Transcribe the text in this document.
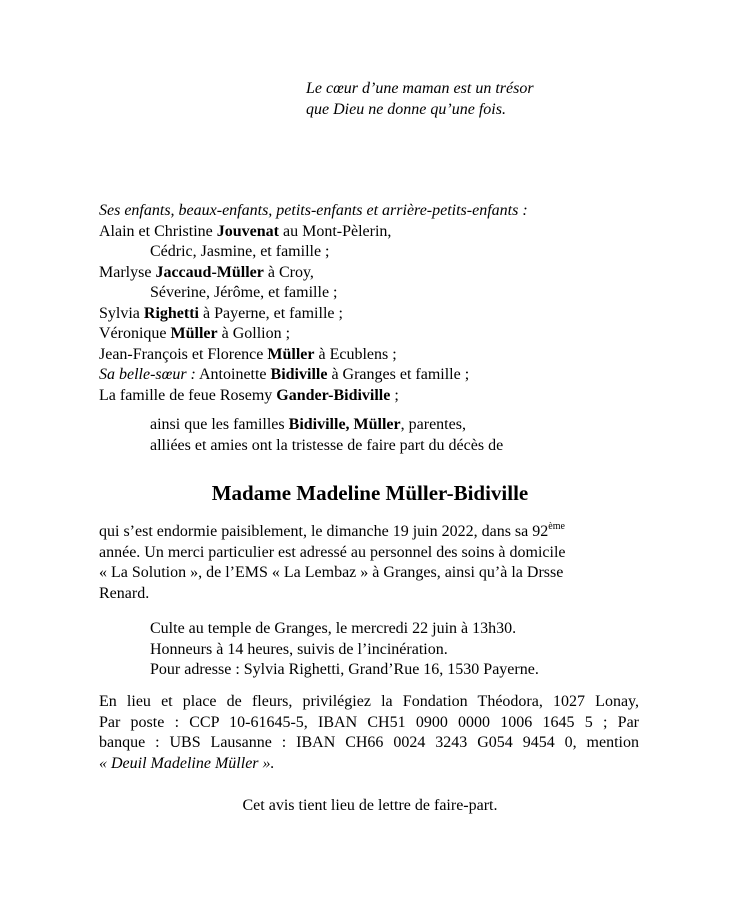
Le cœur d’une maman est un trésor
que Dieu ne donne qu’une fois.
Ses enfants, beaux-enfants, petits-enfants et arrière-petits-enfants :
Alain et Christine Jouvenat au Mont-Pèlerin,
Cédric, Jasmine, et famille ;
Marlyse Jaccaud-Müller à Croy,
Séverine, Jérôme, et famille ;
Sylvia Righetti à Payerne, et famille ;
Véronique Müller à Gollion ;
Jean-François et Florence Müller à Ecublens ;
Sa belle-sœur : Antoinette Bidiville à Granges et famille ;
La famille de feue Rosemy Gander-Bidiville ;
ainsi que les familles Bidiville, Müller, parentes,
alliées et amies ont la tristesse de faire part du décès de
Madame Madeline Müller-Bidiville
qui s’est endormie paisiblement, le dimanche 19 juin 2022, dans sa 92ème
année. Un merci particulier est adressé au personnel des soins à domicile
« La Solution », de l’EMS « La Lembaz » à Granges, ainsi qu’à la Drsse
Renard.
Culte au temple de Granges, le mercredi 22 juin à 13h30.
Honneurs à 14 heures, suivis de l’incinération.
Pour adresse : Sylvia Righetti, Grand’Rue 16, 1530 Payerne.
En lieu et place de fleurs, privilégiez la Fondation Théodora, 1027 Lonay,
Par poste : CCP 10-61645-5, IBAN CH51 0900 0000 1006 1645 5 ; Par
banque : UBS Lausanne : IBAN CH66 0024 3243 G054 9454 0, mention
« Deuil Madeline Müller ».
Cet avis tient lieu de lettre de faire-part.
